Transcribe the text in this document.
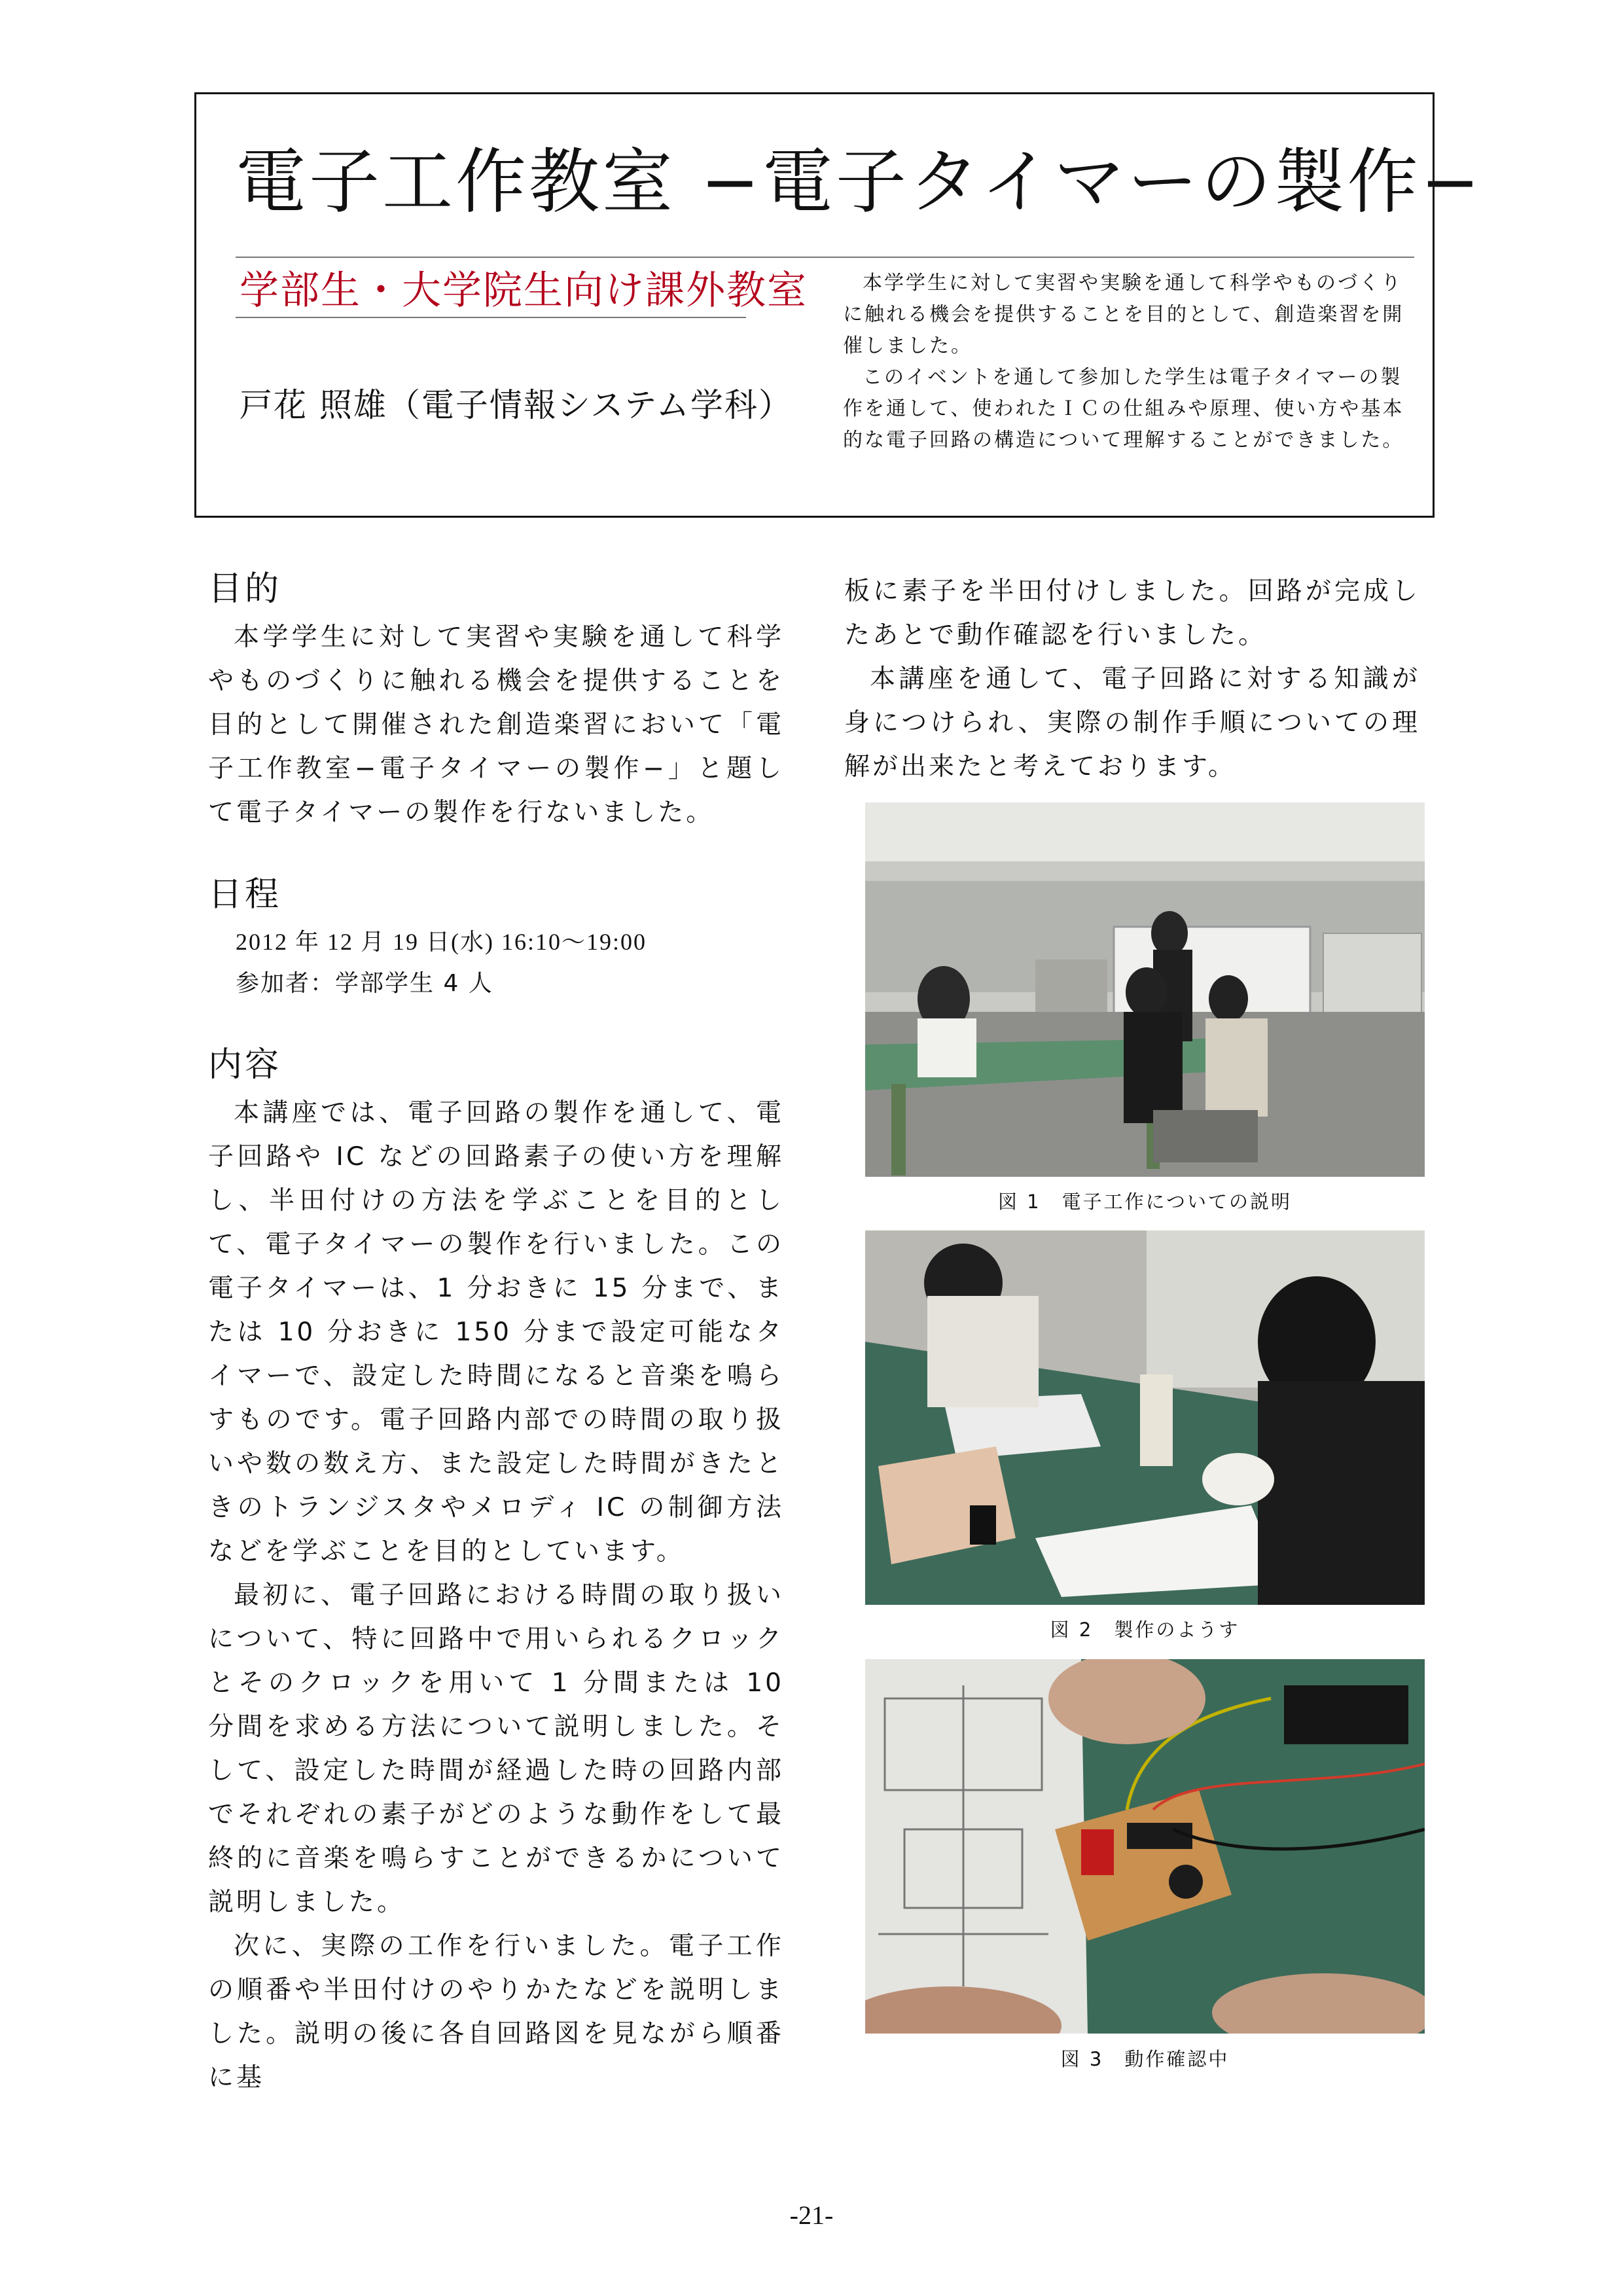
電子工作教室 −電子タイマーの製作−
学部生・大学院生向け課外教室
戸花 照雄（電子情報システム学科）

本学学生に対して実習や実験を通して科学やものづくりに触れる機会を提供することを目的として、創造楽習を開催しました。

このイベントを通して参加した学生は電子タイマーの製作を通して、使われたＩＣの仕組みや原理、使い方や基本的な電子回路の構造について理解することができました。

目的

本学学生に対して実習や実験を通して科学やものづくりに触れる機会を提供することを目的として開催された創造楽習において「電子工作教室−電子タイマーの製作−」と題して電子タイマーの製作を行ないました。

日程
2012 年 12 月 19 日(水) 16:10〜19:00
参加者：学部学生 4 人
内容

本講座では、電子回路の製作を通して、電子回路や IC などの回路素子の使い方を理解し、半田付けの方法を学ぶことを目的として、電子タイマーの製作を行いました。この電子タイマーは、1 分おきに 15 分まで、または 10 分おきに 150 分まで設定可能なタイマーで、設定した時間になると音楽を鳴らすものです。電子回路内部での時間の取り扱いや数の数え方、また設定した時間がきたときのトランジスタやメロディ IC の制御方法などを学ぶことを目的としています。

最初に、電子回路における時間の取り扱いについて、特に回路中で用いられるクロックとそのクロックを用いて 1 分間または 10 分間を求める方法について説明しました。そして、設定した時間が経過した時の回路内部でそれぞれの素子がどのような動作をして最終的に音楽を鳴らすことができるかについて説明しました。

次に、実際の工作を行いました。電子工作の順番や半田付けのやりかたなどを説明しました。説明の後に各自回路図を見ながら順番に基

板に素子を半田付けしました。回路が完成したあとで動作確認を行いました。

本講座を通して、電子回路に対する知識が身につけられ、実際の制作手順についての理解が出来たと考えております。

図 1　電子工作についての説明
図 2　製作のようす
図 3　動作確認中
-21-
